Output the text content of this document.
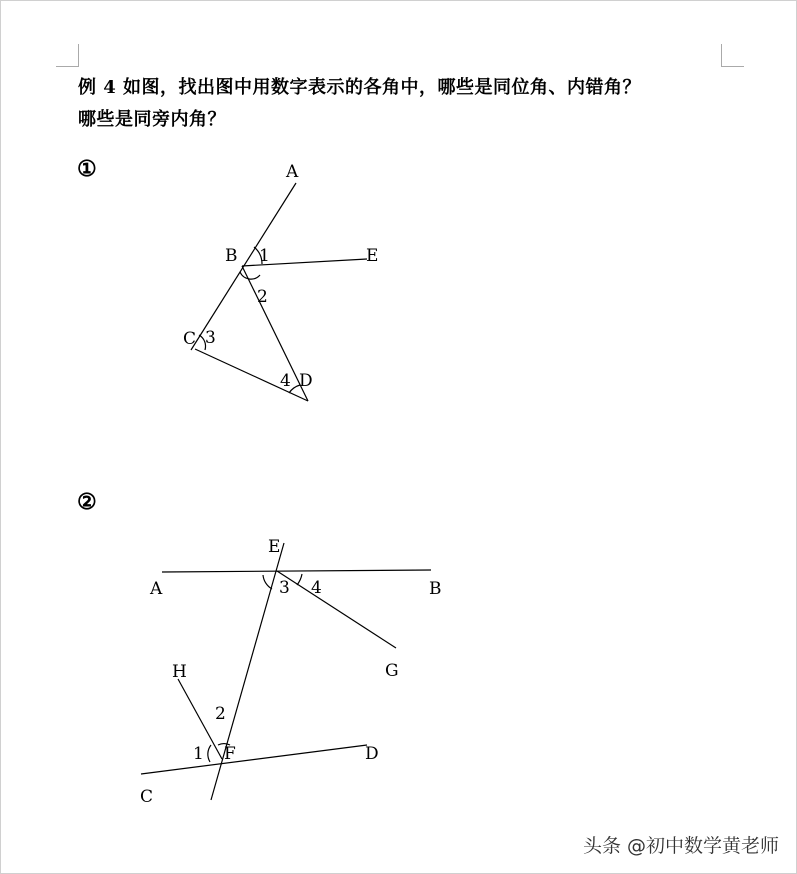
例 4 如图，找出图中用数字表示的各角中，哪些是同位角、内错角？
哪些是同旁内角？
①
②
A
B	E
C
D
1
2
3
4
E
A	B
3 4
G
H
2
1 F	D
C
头条 @初中数学黄老师
